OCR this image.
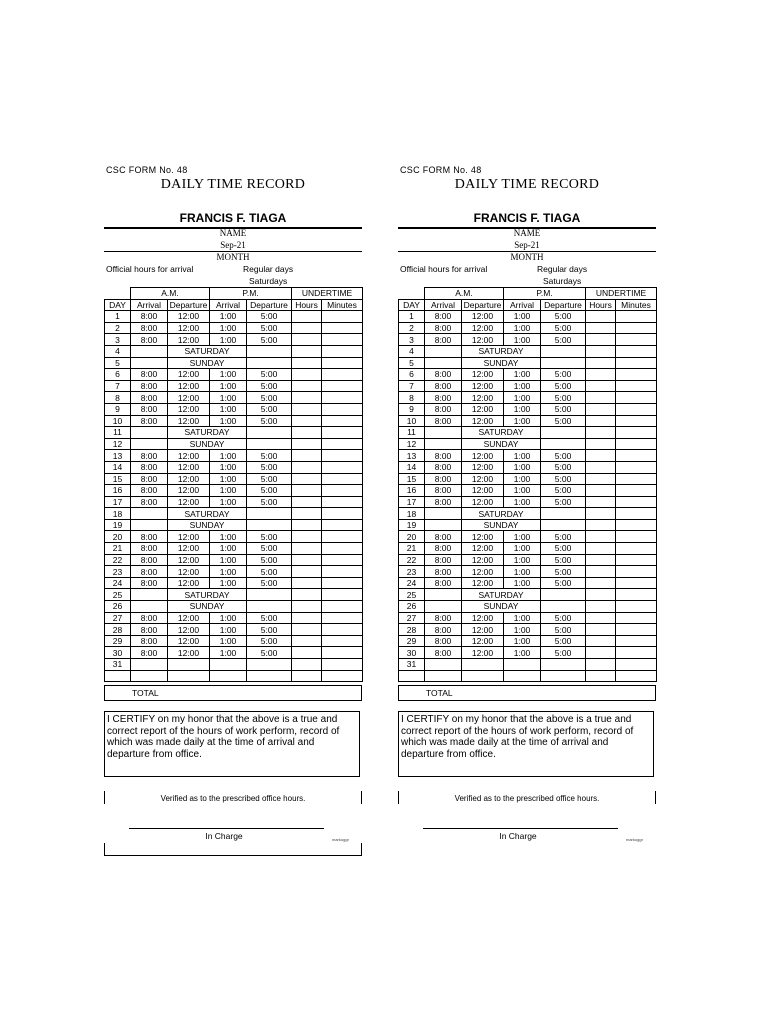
CSC FORM No. 48
DAILY TIME RECORD
FRANCIS F. TIAGA
NAME
Sep-21
MONTH
Official hours for arrival	Regular days
Saturdays
	A.M.		P.M.		UNDERTIME	
DAY	Arrival	Departure	Arrival	Departure	Hours	Minutes
1	8:00	12:00	1:00	5:00		
2	8:00	12:00	1:00	5:00		
3	8:00	12:00	1:00	5:00		
4		SATURDAY				
5		SUNDAY				
6	8:00	12:00	1:00	5:00		
7	8:00	12:00	1:00	5:00		
8	8:00	12:00	1:00	5:00		
9	8:00	12:00	1:00	5:00		
10	8:00	12:00	1:00	5:00		
11		SATURDAY				
12		SUNDAY				
13	8:00	12:00	1:00	5:00		
14	8:00	12:00	1:00	5:00		
15	8:00	12:00	1:00	5:00		
16	8:00	12:00	1:00	5:00		
17	8:00	12:00	1:00	5:00		
18		SATURDAY				
19		SUNDAY				
20	8:00	12:00	1:00	5:00		
21	8:00	12:00	1:00	5:00		
22	8:00	12:00	1:00	5:00		
23	8:00	12:00	1:00	5:00		
24	8:00	12:00	1:00	5:00		
25		SATURDAY				
26		SUNDAY				
27	8:00	12:00	1:00	5:00		
28	8:00	12:00	1:00	5:00		
29	8:00	12:00	1:00	5:00		
30	8:00	12:00	1:00	5:00		
31						

TOTAL
I CERTIFY on my honor that the above is a true and correct report of the hours of work perform, record of which was made daily at the time of arrival and departure from office.
Verified as to the prescribed office hours.
In Charge	markuggr
CSC FORM No. 48
DAILY TIME RECORD
FRANCIS F. TIAGA
NAME
Sep-21
MONTH
Official hours for arrival	Regular days
Saturdays
	A.M.		P.M.		UNDERTIME	
DAY	Arrival	Departure	Arrival	Departure	Hours	Minutes
1	8:00	12:00	1:00	5:00		
2	8:00	12:00	1:00	5:00		
3	8:00	12:00	1:00	5:00		
4		SATURDAY				
5		SUNDAY				
6	8:00	12:00	1:00	5:00		
7	8:00	12:00	1:00	5:00		
8	8:00	12:00	1:00	5:00		
9	8:00	12:00	1:00	5:00		
10	8:00	12:00	1:00	5:00		
11		SATURDAY				
12		SUNDAY				
13	8:00	12:00	1:00	5:00		
14	8:00	12:00	1:00	5:00		
15	8:00	12:00	1:00	5:00		
16	8:00	12:00	1:00	5:00		
17	8:00	12:00	1:00	5:00		
18		SATURDAY				
19		SUNDAY				
20	8:00	12:00	1:00	5:00		
21	8:00	12:00	1:00	5:00		
22	8:00	12:00	1:00	5:00		
23	8:00	12:00	1:00	5:00		
24	8:00	12:00	1:00	5:00		
25		SATURDAY				
26		SUNDAY				
27	8:00	12:00	1:00	5:00		
28	8:00	12:00	1:00	5:00		
29	8:00	12:00	1:00	5:00		
30	8:00	12:00	1:00	5:00		
31						

TOTAL
I CERTIFY on my honor that the above is a true and correct report of the hours of work perform, record of which was made daily at the time of arrival and departure from office.
Verified as to the prescribed office hours.
In Charge	markuggr
